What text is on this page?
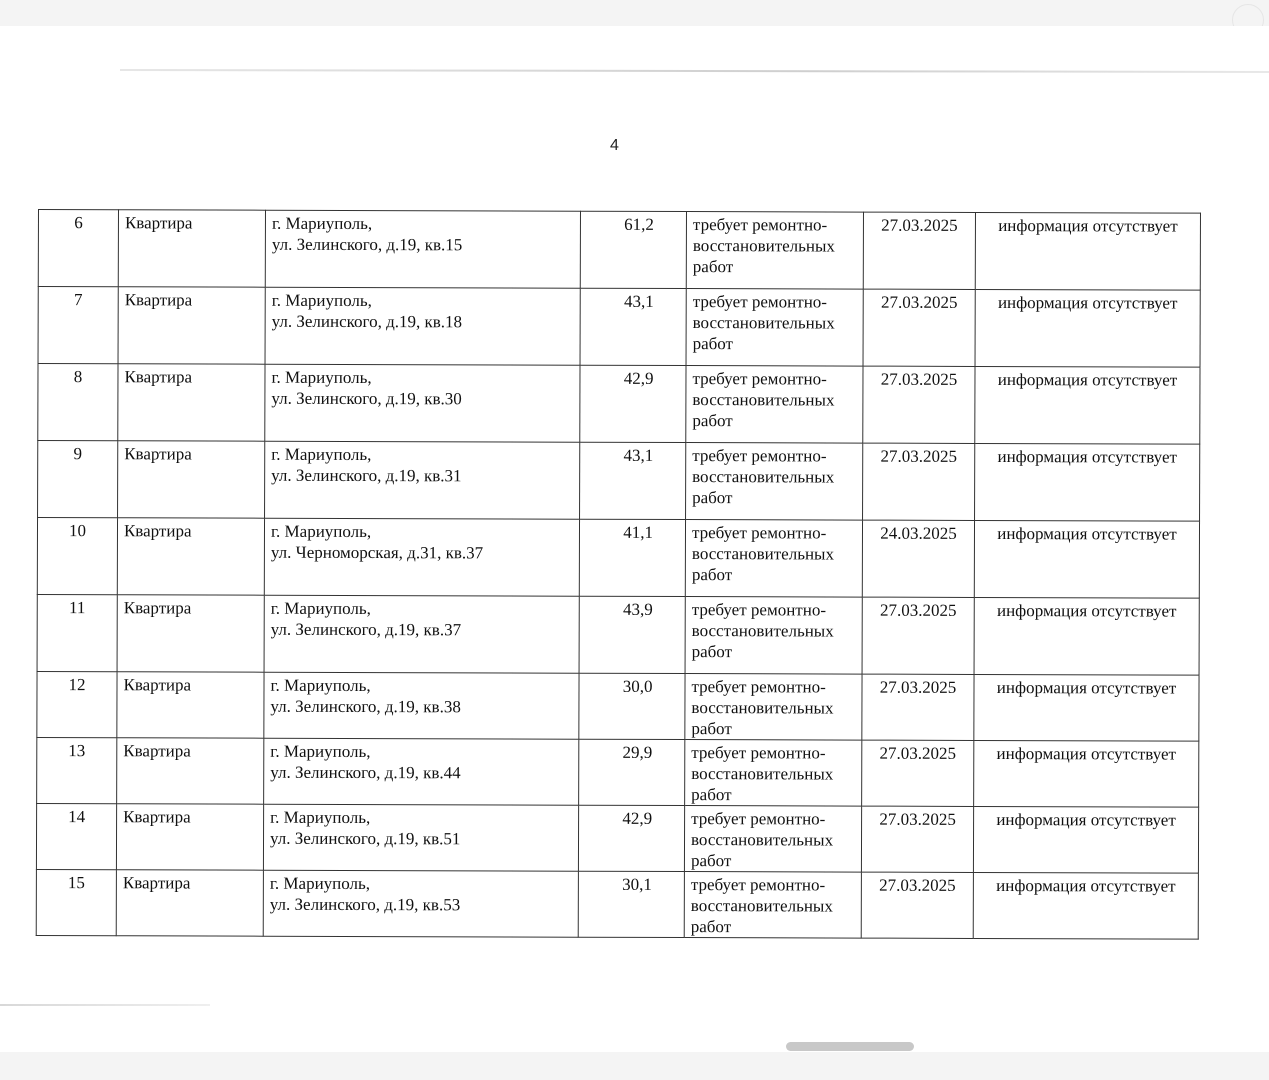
4
6	Квартира	г. Мариуполь,
ул. Зелинского, д.19, кв.15	61,2	требует ремонтно-
восстановительных
работ	27.03.2025	информация отсутствует
7	Квартира	г. Мариуполь,
ул. Зелинского, д.19, кв.18	43,1	требует ремонтно-
восстановительных
работ	27.03.2025	информация отсутствует
8	Квартира	г. Мариуполь,
ул. Зелинского, д.19, кв.30	42,9	требует ремонтно-
восстановительных
работ	27.03.2025	информация отсутствует
9	Квартира	г. Мариуполь,
ул. Зелинского, д.19, кв.31	43,1	требует ремонтно-
восстановительных
работ	27.03.2025	информация отсутствует
10	Квартира	г. Мариуполь,
ул. Черноморская, д.31, кв.37	41,1	требует ремонтно-
восстановительных
работ	24.03.2025	информация отсутствует
11	Квартира	г. Мариуполь,
ул. Зелинского, д.19, кв.37	43,9	требует ремонтно-
восстановительных
работ	27.03.2025	информация отсутствует
12	Квартира	г. Мариуполь,
ул. Зелинского, д.19, кв.38	30,0	требует ремонтно-
восстановительных
работ	27.03.2025	информация отсутствует
13	Квартира	г. Мариуполь,
ул. Зелинского, д.19, кв.44	29,9	требует ремонтно-
восстановительных
работ	27.03.2025	информация отсутствует
14	Квартира	г. Мариуполь,
ул. Зелинского, д.19, кв.51	42,9	требует ремонтно-
восстановительных
работ	27.03.2025	информация отсутствует
15	Квартира	г. Мариуполь,
ул. Зелинского, д.19, кв.53	30,1	требует ремонтно-
восстановительных
работ	27.03.2025	информация отсутствует
